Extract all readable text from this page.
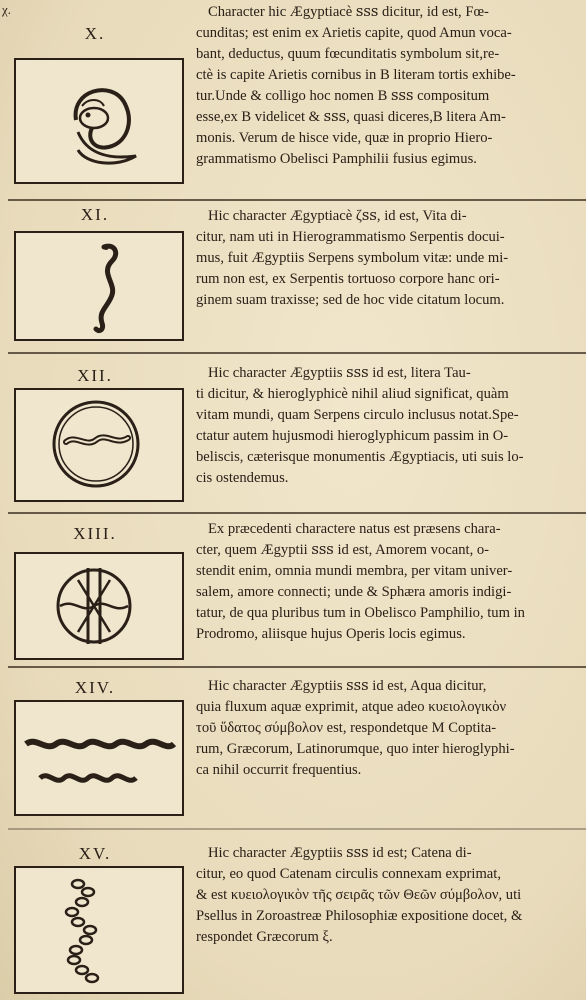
χ.
X.
Character hic Ægyptiacè ꜱꜱꜱ dicitur, id est, Fœ-
cunditas; est enim ex Arietis capite, quod Amun voca-
bant, deductus, quum fœcunditatis symbolum sit,re-
ctè is capite Arietis cornibus in B literam tortis exhibe-
tur.Unde & colligo hoc nomen B ꜱꜱꜱ compositum
esse,ex B videlicet & ꜱꜱꜱ, quasi diceres,B litera Am-
monis. Verum de hisce vide, quæ in proprio Hiero-
grammatismo Obelisci Pamphilii fusius egimus.
XI.	Hic character Ægyptiacè ζꜱꜱ, id est, Vita di-
citur, nam uti in Hierogrammatismo Serpentis docui-
mus, fuit Ægyptiis Serpens symbolum vitæ: unde mi-
rum non est, ex Serpentis tortuoso corpore hanc ori-
ginem suam traxisse; sed de hoc vide citatum locum.
XII.	Hic character Ægyptiis ꜱꜱꜱ id est, litera Tau-
ti dicitur, & hieroglyphicè nihil aliud significat, quàm
vitam mundi, quam Serpens circulo inclusus notat.Spe-
ctatur autem hujusmodi hieroglyphicum passim in O-
beliscis, cæterisque monumentis Ægyptiacis, uti suis lo-
cis ostendemus.
XIII.	Ex præcedenti charactere natus est præsens chara-
cter, quem Ægyptii ꜱꜱꜱ id est, Amorem vocant, o-
stendit enim, omnia mundi membra, per vitam univer-
salem, amore connecti; unde & Sphæra amoris indigi-
tatur, de qua pluribus tum in Obelisco Pamphilio, tum in
Prodromo, aliisque hujus Operis locis egimus.
XIV.	Hic character Ægyptiis ꜱꜱꜱ id est, Aqua dicitur,
quia fluxum aquæ exprimit, atque adeo κυειολογικὸν
τοῦ ὕδατος σύμβολον est, respondetque M Coptita-
rum, Græcorum, Latinorumque, quo inter hieroglyphi-
ca nihil occurrit frequentius.
XV.	Hic character Ægyptiis ꜱꜱꜱ id est; Catena di-
citur, eo quod Catenam circulis connexam exprimat,
& est κυειολογικὸν τῆς σειρᾶς τῶν Θεῶν σύμβολον, uti
Psellus in Zoroastreæ Philosophiæ expositione docet, &
respondet Græcorum ξ.
